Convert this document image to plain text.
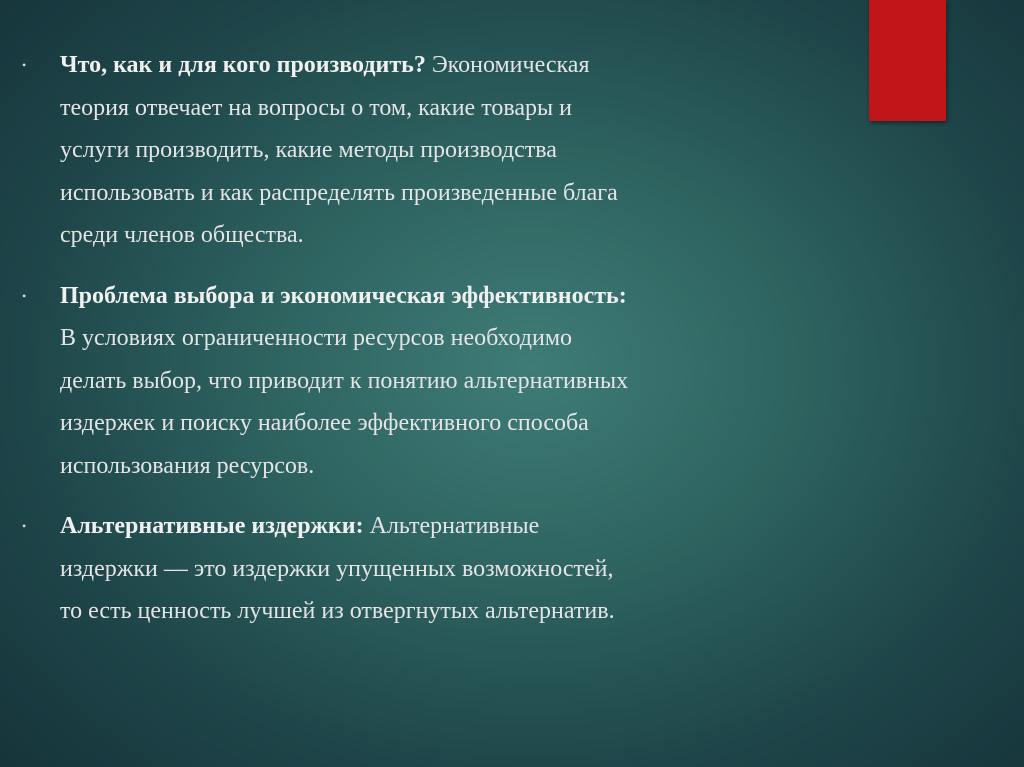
• Что, как и для кого производить? Экономическая
теория отвечает на вопросы о том, какие товары и
услуги производить, какие методы производства
использовать и как распределять произведенные блага
среди членов общества.
• Проблема выбора и экономическая эффективность:
В условиях ограниченности ресурсов необходимо
делать выбор, что приводит к понятию альтернативных
издержек и поиску наиболее эффективного способа
использования ресурсов.
• Альтернативные издержки: Альтернативные
издержки — это издержки упущенных возможностей,
то есть ценность лучшей из отвергнутых альтернатив.
